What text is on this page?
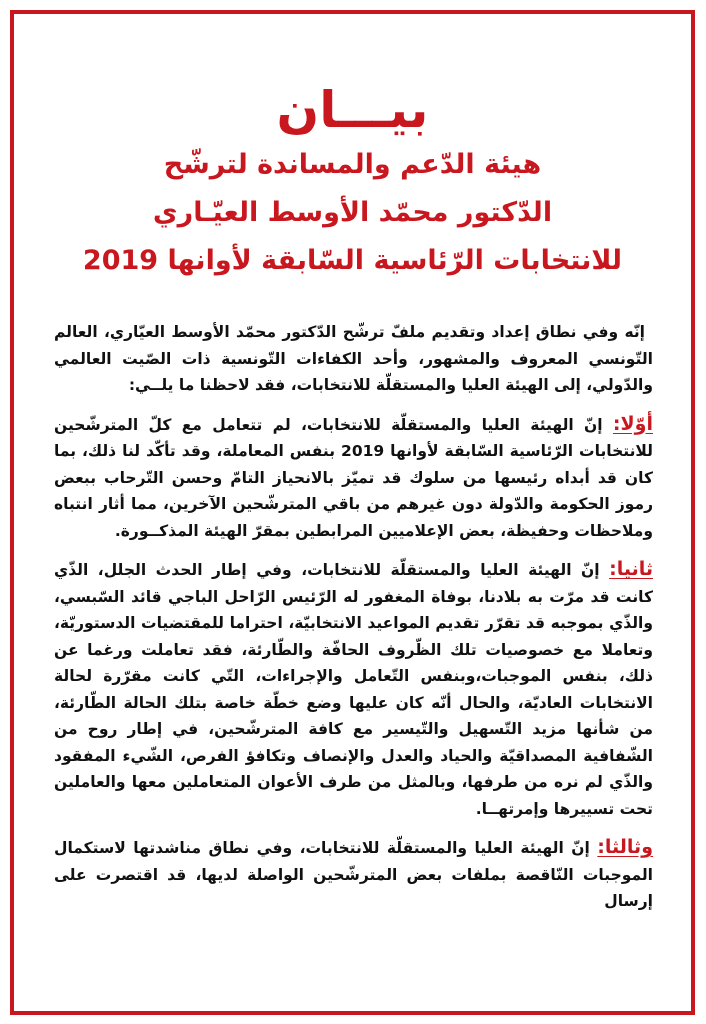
بيـــان
هيئة الدّعم والمساندة لترشّح
الدّكتور محمّد الأوسط العيّـاري
للانتخابات الرّئاسية السّابقة لأوانها 2019

إنّه وفي نطاق إعداد وتقديم ملفّ ترشّح الدّكتور محمّد الأوسط العيّاري، العالم التّونسي المعروف والمشهور، وأحد الكفاءات التّونسية ذات الصّيت العالمي والدّولي، إلى الهيئة العليا والمستقلّة للانتخابات، فقد لاحظنا ما يلــي:

أوّلا: إنّ الهيئة العليا والمستقلّة للانتخابات، لم تتعامل مع كلّ المترشّحين للانتخابات الرّئاسية السّابقة لأوانها 2019 بنفس المعاملة، وقد تأكّد لنا ذلك، بما كان قد أبداه رئيسها من سلوك قد تميّز بالانحياز التامّ وحسن التّرحاب ببعض رموز الحكومة والدّولة دون غيرهم من باقي المترشّحين الآخرين، مما أثار انتباه وملاحظات وحفيظة، بعض الإعلاميين المرابطين بمقرّ الهيئة المذكــورة.

ثانيا: إنّ الهيئة العليا والمستقلّة للانتخابات، وفي إطار الحدث الجلل، الذّي كانت قد مرّت به بلادنا، بوفاة المغفور له الرّئيس الرّاحل الباجي قائد السّبسي، والذّي بموجبه قد تقرّر تقديم المواعيد الانتخابيّة، احتراما للمقتضيات الدستوريّة، وتعاملا مع خصوصيات تلك الظّروف الحافّة والطّارئة، فقد تعاملت ورغما عن ذلك، بنفس الموجبات،وبنفس التّعامل والإجراءات، التّي كانت مقرّرة لحالة الانتخابات العاديّة، والحال أنّه كان عليها وضع خطّة خاصة بتلك الحالة الطّارئة، من شأنها مزيد التّسهيل والتّيسير مع كافة المترشّحين، في إطار روح من الشّفافية المصداقيّة والحياد والعدل والإنصاف وتكافؤ الفرص، الشّيء المفقود والذّي لم نره من طرفها، وبالمثل من طرف الأعوان المتعاملين معها والعاملين تحت تسييرها وإمرتهــا.

وثالثا: إنّ الهيئة العليا والمستقلّة للانتخابات، وفي نطاق مناشدتها لاستكمال الموجبات النّاقصة بملفات بعض المترشّحين الواصلة لديها، قد اقتصرت على إرسال
